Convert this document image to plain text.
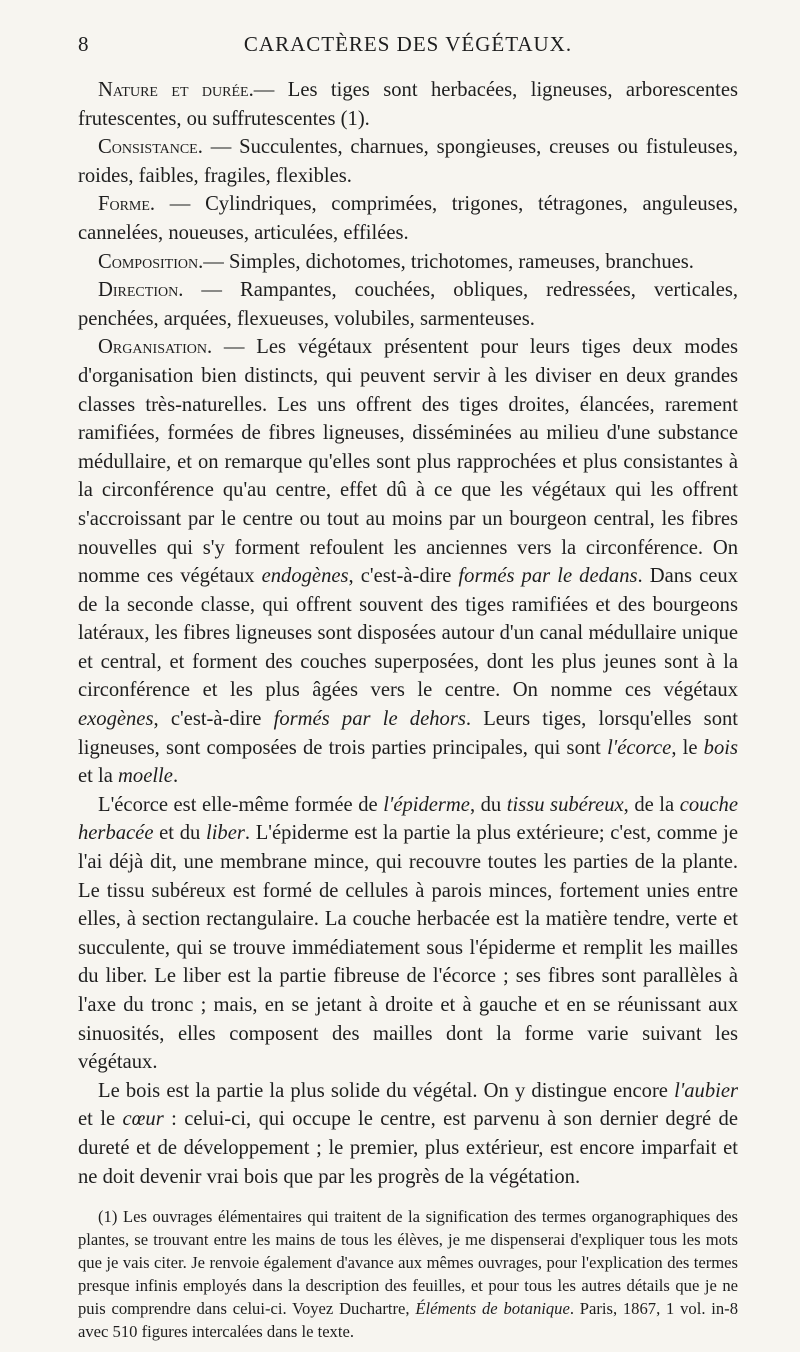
8	CARACTÈRES DES VÉGÉTAUX.

Nature et durée.— Les tiges sont herbacées, ligneuses, arborescentes frutescentes, ou suffrutescentes (1).

Consistance. — Succulentes, charnues, spongieuses, creuses ou fistuleuses, roides, faibles, fragiles, flexibles.

Forme. — Cylindriques, comprimées, trigones, tétragones, anguleuses, cannelées, noueuses, articulées, effilées.

Composition.— Simples, dichotomes, trichotomes, rameuses, branchues.

Direction. — Rampantes, couchées, obliques, redressées, verticales, penchées, arquées, flexueuses, volubiles, sarmenteuses.

Organisation. — Les végétaux présentent pour leurs tiges deux modes d'organisation bien distincts, qui peuvent servir à les diviser en deux grandes classes très-naturelles. Les uns offrent des tiges droites, élancées, rarement ramifiées, formées de fibres ligneuses, disséminées au milieu d'une substance médullaire, et on remarque qu'elles sont plus rapprochées et plus consistantes à la circonférence qu'au centre, effet dû à ce que les végétaux qui les offrent s'accroissant par le centre ou tout au moins par un bourgeon central, les fibres nouvelles qui s'y forment refoulent les anciennes vers la circonférence. On nomme ces végétaux endogènes, c'est-à-dire formés par le dedans. Dans ceux de la seconde classe, qui offrent souvent des tiges ramifiées et des bourgeons latéraux, les fibres ligneuses sont disposées autour d'un canal médullaire unique et central, et forment des couches superposées, dont les plus jeunes sont à la circonférence et les plus âgées vers le centre. On nomme ces végétaux exogènes, c'est-à-dire formés par le dehors. Leurs tiges, lorsqu'elles sont ligneuses, sont composées de trois parties principales, qui sont l'écorce, le bois et la moelle.

L'écorce est elle-même formée de l'épiderme, du tissu subéreux, de la couche herbacée et du liber. L'épiderme est la partie la plus extérieure; c'est, comme je l'ai déjà dit, une membrane mince, qui recouvre toutes les parties de la plante. Le tissu subéreux est formé de cellules à parois minces, fortement unies entre elles, à section rectangulaire. La couche herbacée est la matière tendre, verte et succulente, qui se trouve immédiatement sous l'épiderme et remplit les mailles du liber. Le liber est la partie fibreuse de l'écorce ; ses fibres sont parallèles à l'axe du tronc ; mais, en se jetant à droite et à gauche et en se réunissant aux sinuosités, elles composent des mailles dont la forme varie suivant les végétaux.

Le bois est la partie la plus solide du végétal. On y distingue encore l'aubier et le cœur : celui-ci, qui occupe le centre, est parvenu à son dernier degré de dureté et de développement ; le premier, plus extérieur, est encore imparfait et ne doit devenir vrai bois que par les progrès de la végétation.

(1) Les ouvrages élémentaires qui traitent de la signification des termes organographiques des plantes, se trouvant entre les mains de tous les élèves, je me dispenserai d'expliquer tous les mots que je vais citer. Je renvoie également d'avance aux mêmes ouvrages, pour l'explication des termes presque infinis employés dans la description des feuilles, et pour tous les autres détails que je ne puis comprendre dans celui-ci. Voyez Duchartre, Éléments de botanique. Paris, 1867, 1 vol. in-8 avec 510 figures intercalées dans le texte.
